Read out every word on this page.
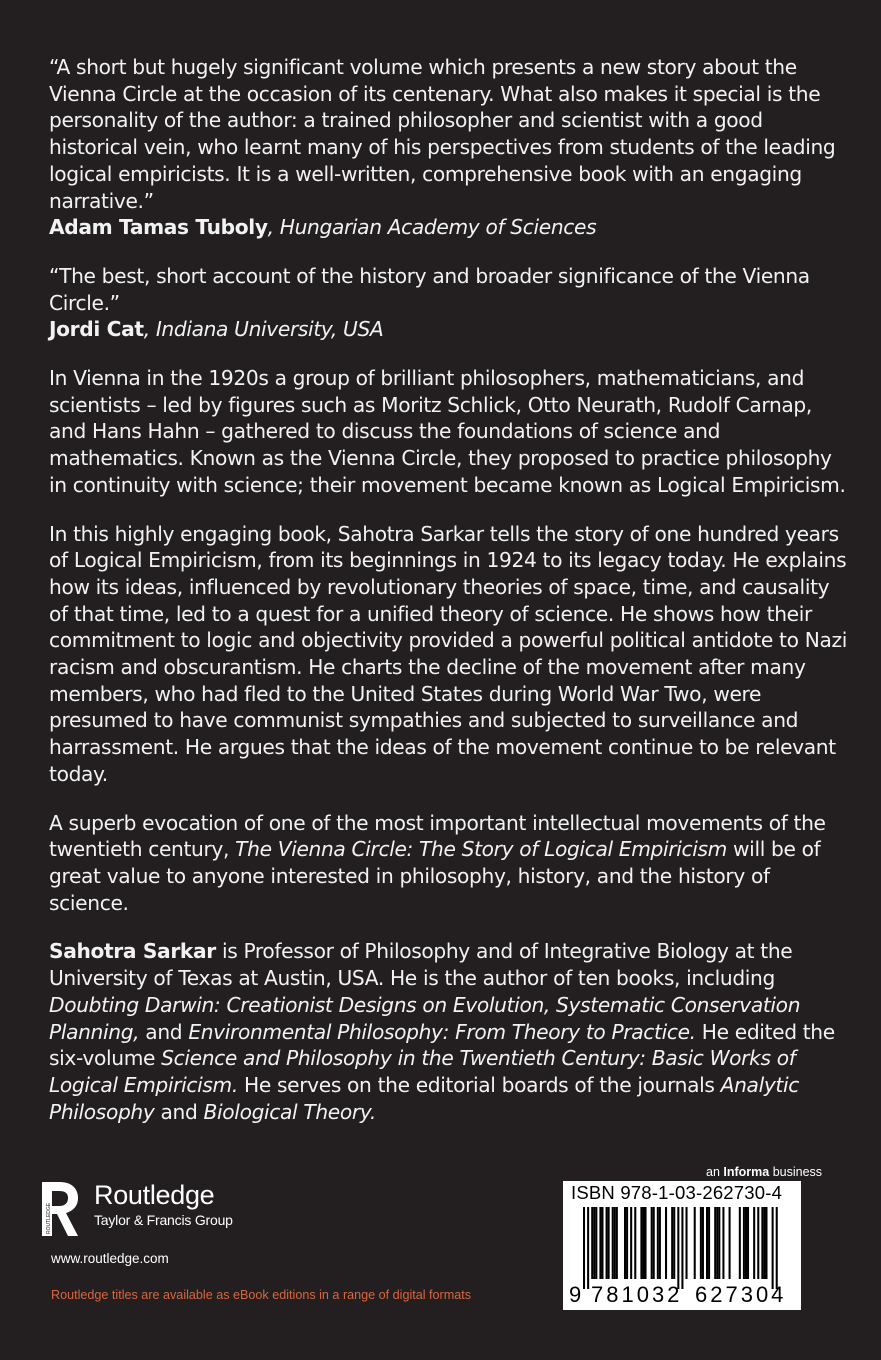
“A short but hugely significant volume which presents a new story about the Vienna Circle at the occasion of its centenary. What also makes it special is the personality of the author: a trained philosopher and scientist with a good historical vein, who learnt many of his perspectives from students of the leading logical empiricists. It is a well-written, comprehensive book with an engaging narrative.”
Adam Tamas Tuboly, Hungarian Academy of Sciences

“The best, short account of the history and broader significance of the Vienna Circle.”
Jordi Cat, Indiana University, USA

In Vienna in the 1920s a group of brilliant philosophers, mathematicians, and scientists – led by figures such as Moritz Schlick, Otto Neurath, Rudolf Carnap, and Hans Hahn – gathered to discuss the foundations of science and mathematics. Known as the Vienna Circle, they proposed to practice philosophy in continuity with science; their movement became known as Logical Empiricism.

In this highly engaging book, Sahotra Sarkar tells the story of one hundred years of Logical Empiricism, from its beginnings in 1924 to its legacy today. He explains how its ideas, influenced by revolutionary theories of space, time, and causality of that time, led to a quest for a unified theory of science. He shows how their commitment to logic and objectivity provided a powerful political antidote to Nazi racism and obscurantism. He charts the decline of the movement after many members, who had fled to the United States during World War Two, were presumed to have communist sympathies and subjected to surveillance and harrassment. He argues that the ideas of the movement continue to be relevant today.

A superb evocation of one of the most important intellectual movements of the twentieth century, The Vienna Circle: The Story of Logical Empiricism will be of great value to anyone interested in philosophy, history, and the history of science.

Sahotra Sarkar is Professor of Philosophy and of Integrative Biology at the University of Texas at Austin, USA. He is the author of ten books, including Doubting Darwin: Creationist Designs on Evolution, Systematic Conservation Planning, and Environmental Philosophy: From Theory to Practice. He edited the six-volume Science and Philosophy in the Twentieth Century: Basic Works of Logical Empiricism. He serves on the editorial boards of the journals Analytic Philosophy and Biological Theory.

ROUTLEDGE
Routledge
Taylor & Francis Group
www.routledge.com
Routledge titles are available as eBook editions in a range of digital formats
an Informa business
ISBN 978-1-03-262730-4
9 781032 627304
